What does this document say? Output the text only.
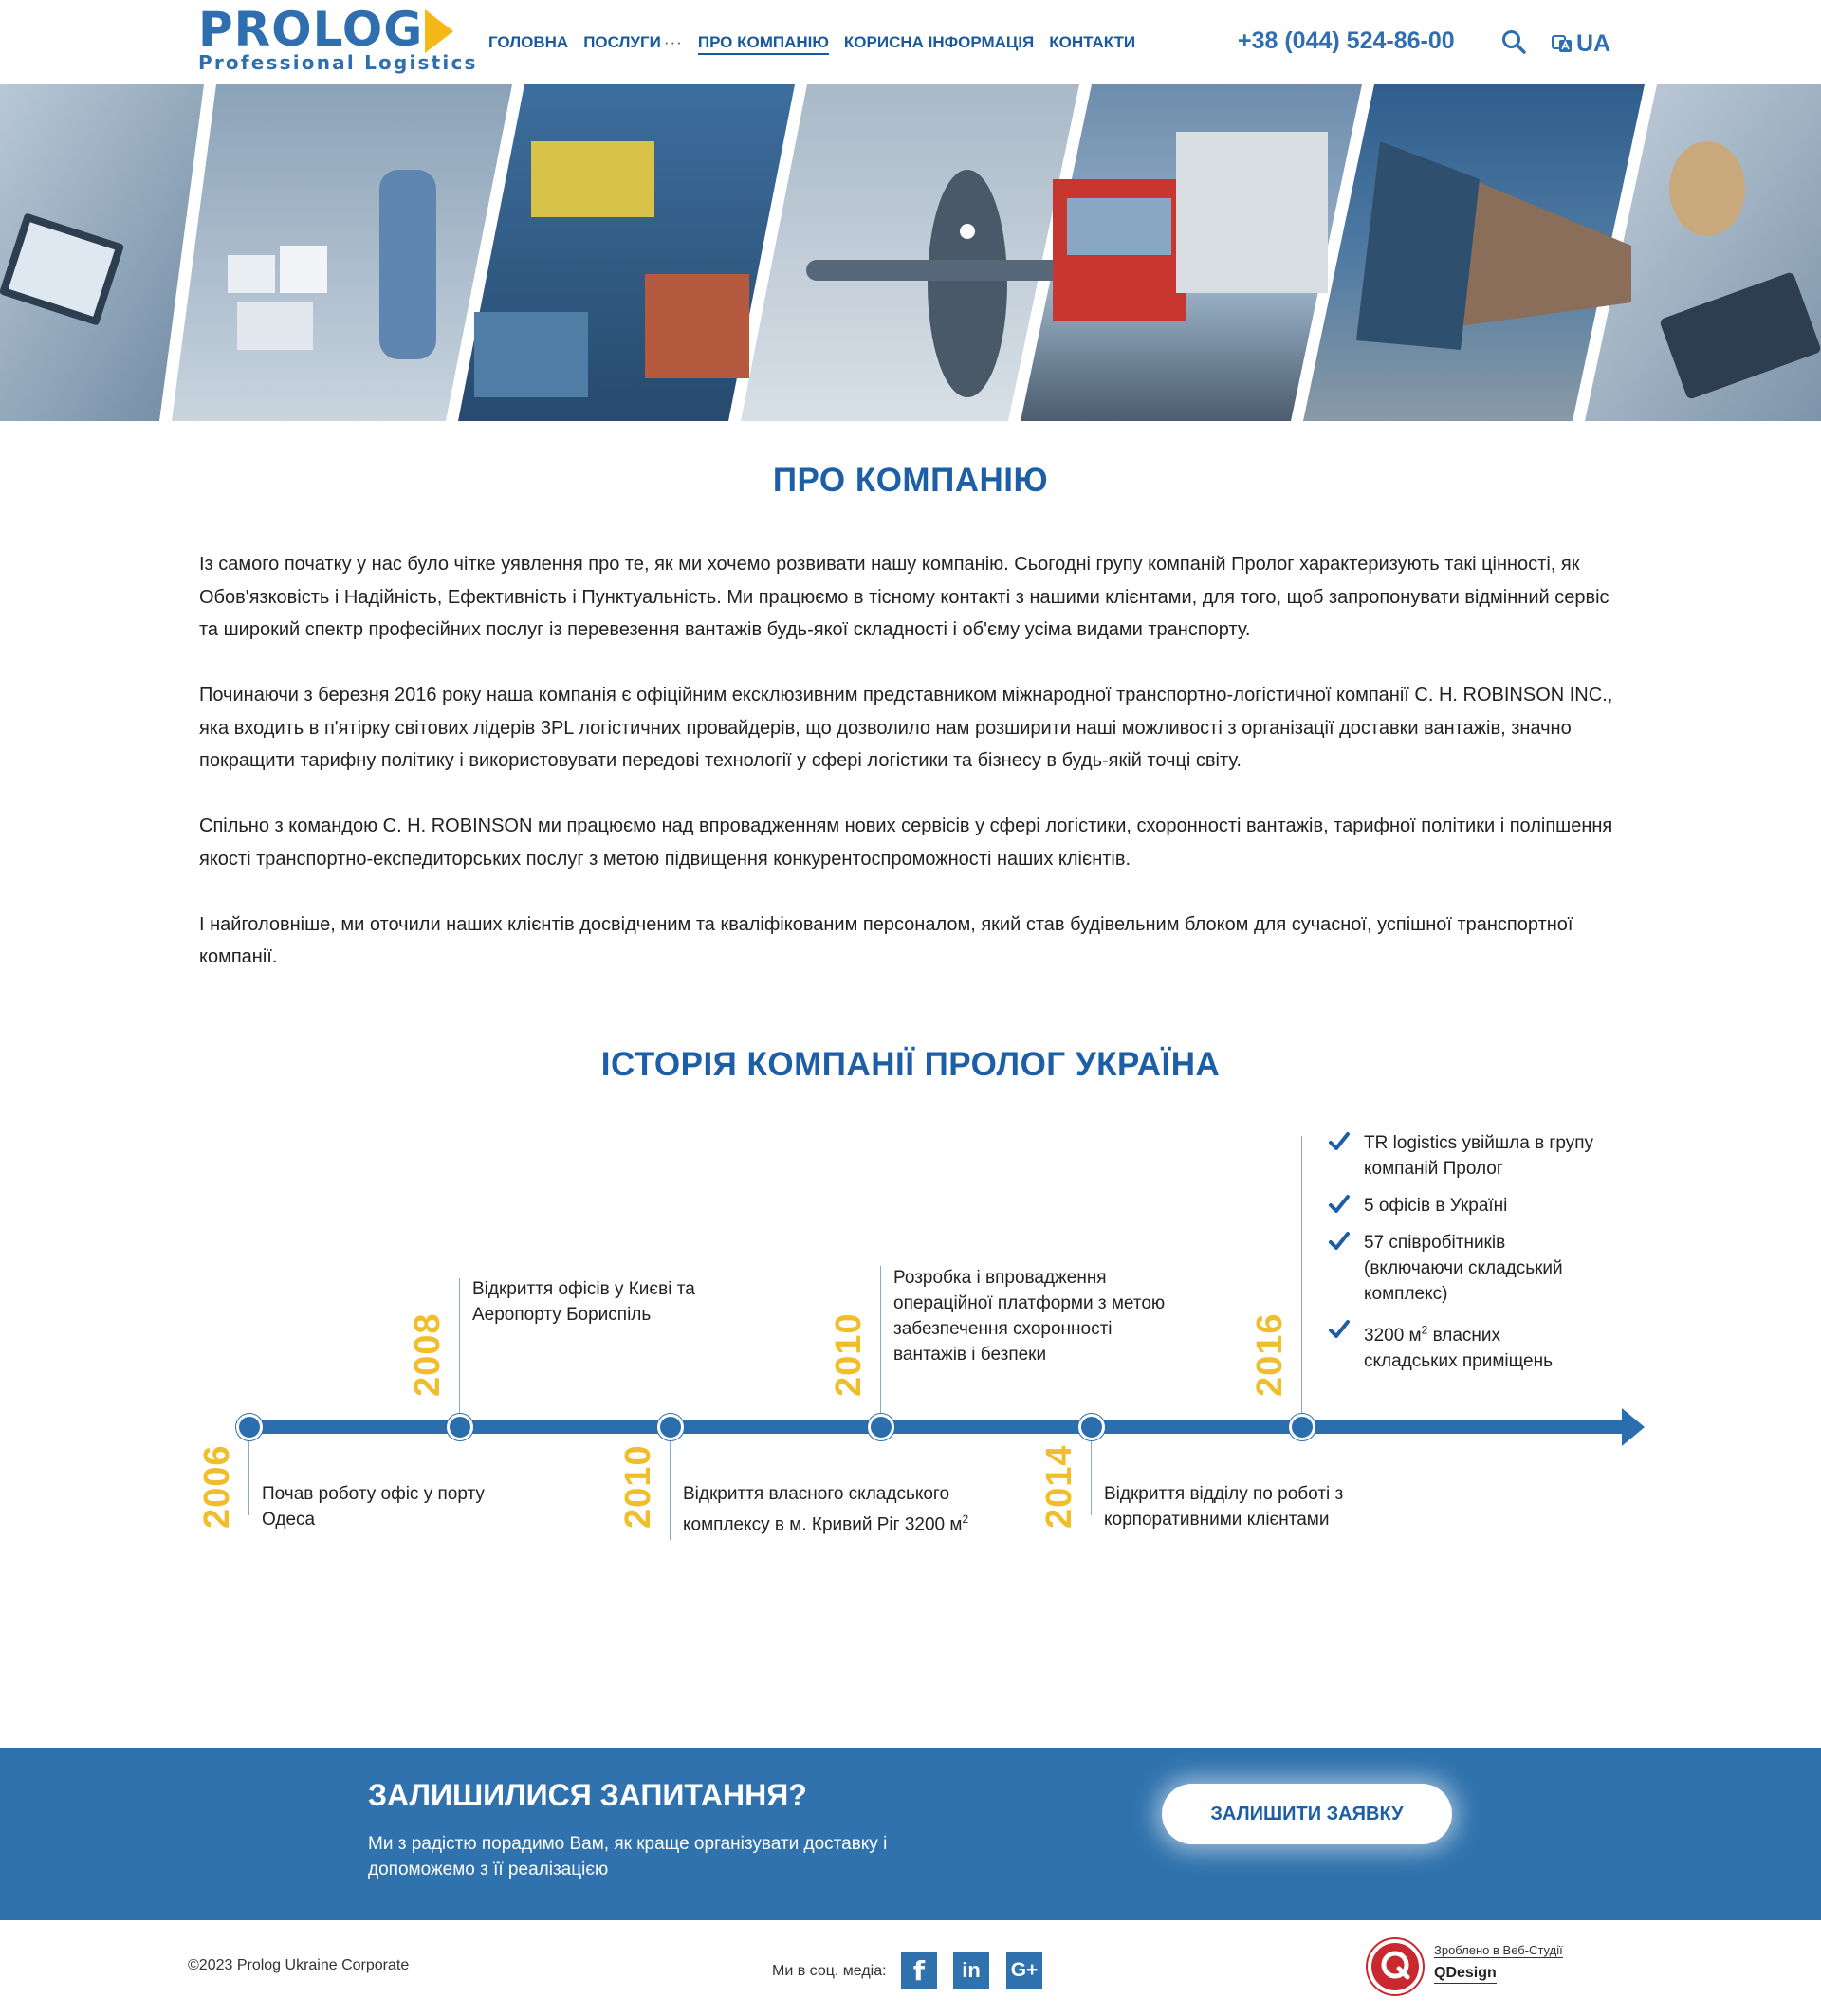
PROLOG
Professional Logistics
ГОЛОВНА ПОСЛУГИ ··· ПРО КОМПАНІЮ КОРИСНА ІНФОРМАЦІЯ КОНТАКТИ	+38 (044) 524-86-00	UA
ПРО КОМПАНІЮ

Із самого початку у нас було чітке уявлення про те, як ми хочемо розвивати нашу компанію. Сьогодні групу компаній Пролог характеризують такі цінності, як Обов'язковість і Надійність, Ефективність і Пунктуальність. Ми працюємо в тісному контакті з нашими клієнтами, для того, щоб запропонувати відмінний сервіс та широкий спектр професійних послуг із перевезення вантажів будь-якої складності і об'єму усіма видами транспорту.

Починаючи з березня 2016 року наша компанія є офіційним ексклюзивним представником міжнародної транспортно-логістичної компанії С. Н. ROBINSON INC., яка входить в п'ятірку світових лідерів 3PL логістичних провайдерів, що дозволило нам розширити наші можливості з організації доставки вантажів, значно покращити тарифну політику і використовувати передові технології у сфері логістики та бізнесу в будь-якій точці світу.

Спільно з командою С. Н. ROBINSON ми працюємо над впровадженням нових сервісів у сфері логістики, схоронності вантажів, тарифної політики і поліпшення якості транспортно-експедиторських послуг з метою підвищення конкурентоспроможності наших клієнтів.

І найголовніше, ми оточили наших клієнтів досвідченим та кваліфікованим персоналом, який став будівельним блоком для сучасної, успішної транспортної компанії.

ІСТОРІЯ КОМПАНІЇ ПРОЛОГ УКРАЇНА
2006 Почав роботу офіс у порту Одеса
2008
Відкриття офісів у Києві та Аеропорту Бориспіль
2010 Відкриття власного складського комплексу в м. Кривий Ріг 3200 $м^2$
2010
Розробка і впровадження операційної платформи з метою забезпечення схоронності вантажів і безпеки
2014 Відкриття відділу по роботі з корпоративними клієнтами
2016
TR logistics увійшла в групу компаній Пролог
5 офісів в Україні
57 співробітників (включаючи складський комплекс)
3200 $м^2$ власних складських приміщень
ЗАЛИШИЛИСЯ ЗАПИТАННЯ?

Ми з радістю порадимо Вам, як краще організувати доставку і допоможемо з її реалізацією

ЗАЛИШИТИ ЗАЯВКУ
©2023 Prolog Ukraine Corporate	Ми в соц. медіа:	f	in	G+
Зроблено в Веб-Студії
QDesign
